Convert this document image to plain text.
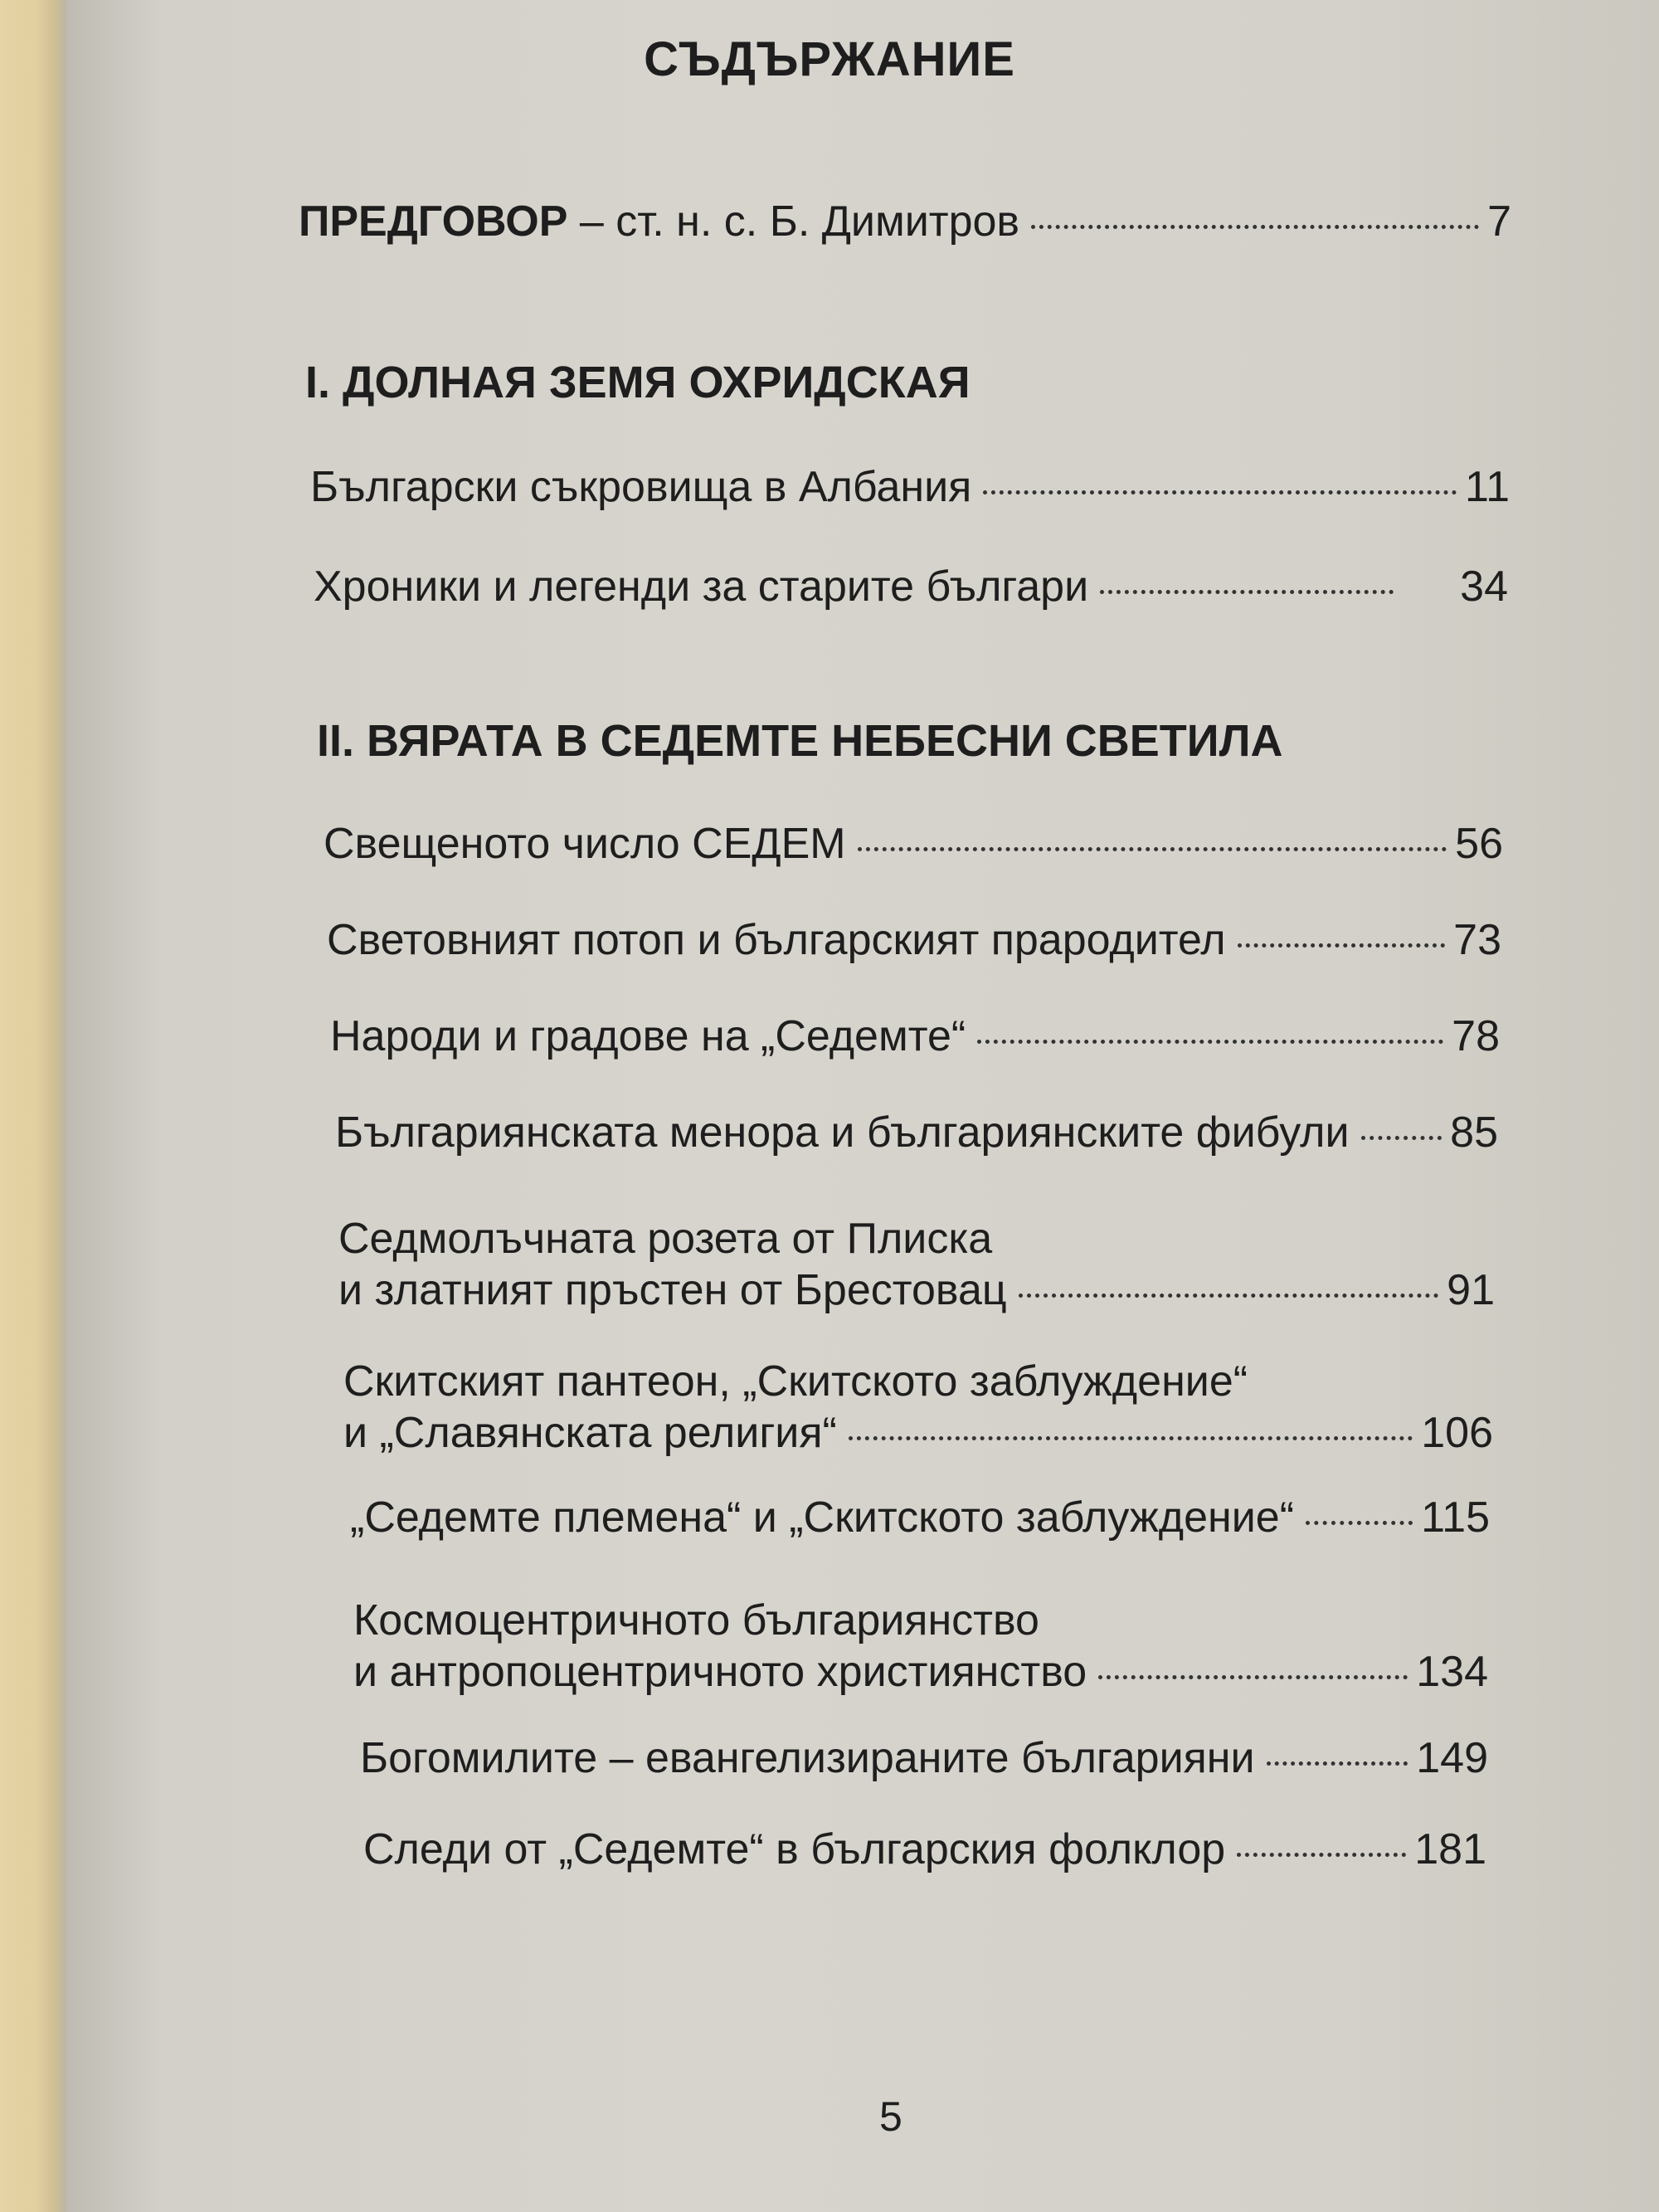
СЪДЪРЖАНИЕ
ПРЕДГОВОР – ст. н. с. Б. Димитров	7
I. ДОЛНАЯ ЗЕМЯ ОХРИДСКАЯ
Български съкровища в Албания	11
Хроники и легенди за старите българи	34
II. ВЯРАТА В СЕДЕМТЕ НЕБЕСНИ СВЕТИЛА
Свещеното число СЕДЕМ	56
Световният потоп и българският прародител	73
Народи и градове на „Седемте“	78
Българиянската менора и българиянските фибули 85
Седмолъчната розета от Плиска
и златният пръстен от Брестовац	91
Скитският пантеон, „Скитското заблуждение“
и „Славянската религия“	106
„Седемте племена“ и „Скитското заблуждение“	115
Космоцентричното българиянство
и антропоцентричното християнство	134
Богомилите – евангелизираните българияни	149
Следи от „Седемте“ в българския фолклор	181
5
